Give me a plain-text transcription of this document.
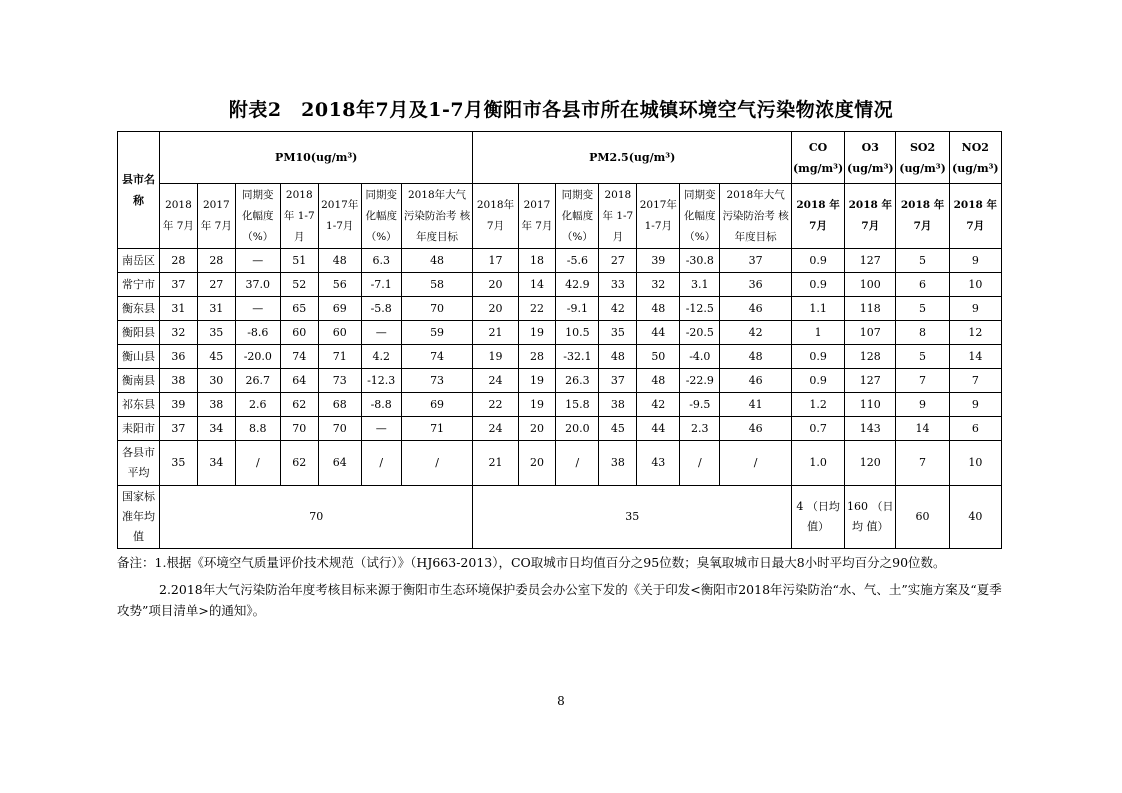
附表2　2018年7月及1-7月衡阳市各县市所在城镇环境空气污染物浓度情况
县市名称	PM10(ug/m³)							PM2.5(ug/m³)							CO (mg/m³)	O3 (ug/m³)	SO2 (ug/m³)	NO2 (ug/m³)
	2018年 7月	2017年 7月	同期变 化幅度 （%）	2018年 1-7月	2017年 1-7月	同期变 化幅度 （%）	2018年大气 污染防治考 核年度目标	2018年 7月	2017年 7月	同期变 化幅度 （%）	2018年 1-7月	2017年 1-7月	同期变 化幅度 （%）	2018年大气 污染防治考 核年度目标	2018 年 7月	2018 年 7月	2018 年 7月	2018 年 7月
南岳区	28	28	—	51	48	6.3	48	17	18	-5.6	27	39	-30.8	37	0.9	127	5	9
常宁市	37	27	37.0	52	56	-7.1	58	20	14	42.9	33	32	3.1	36	0.9	100	6	10
衡东县	31	31	—	65	69	-5.8	70	20	22	-9.1	42	48	-12.5	46	1.1	118	5	9
衡阳县	32	35	-8.6	60	60	—	59	21	19	10.5	35	44	-20.5	42	1	107	8	12
衡山县	36	45	-20.0	74	71	4.2	74	19	28	-32.1	48	50	-4.0	48	0.9	128	5	14
衡南县	38	30	26.7	64	73	-12.3	73	24	19	26.3	37	48	-22.9	46	0.9	127	7	7
祁东县	39	38	2.6	62	68	-8.8	69	22	19	15.8	38	42	-9.5	41	1.2	110	9	9
耒阳市	37	34	8.8	70	70	—	71	24	20	20.0	45	44	2.3	46	0.7	143	14	6
各县市 平均	35	34	/	62	64	/	/	21	20	/	38	43	/	/	1.0	120	7	10
国家标 准年均 值	70							35							4 （日均值）	160 （日均 值）	60	40

备注：1.根据《环境空气质量评价技术规范（试行）》（HJ663-2013），CO取城市日均值百分之95位数；臭氧取城市日最大8小时平均百分之90位数。

2.2018年大气污染防治年度考核目标来源于衡阳市生态环境保护委员会办公室下发的《关于印发<衡阳市2018年污染防治“水、气、土”实施方案及“夏季攻势”项目清单>的通知》。

8
